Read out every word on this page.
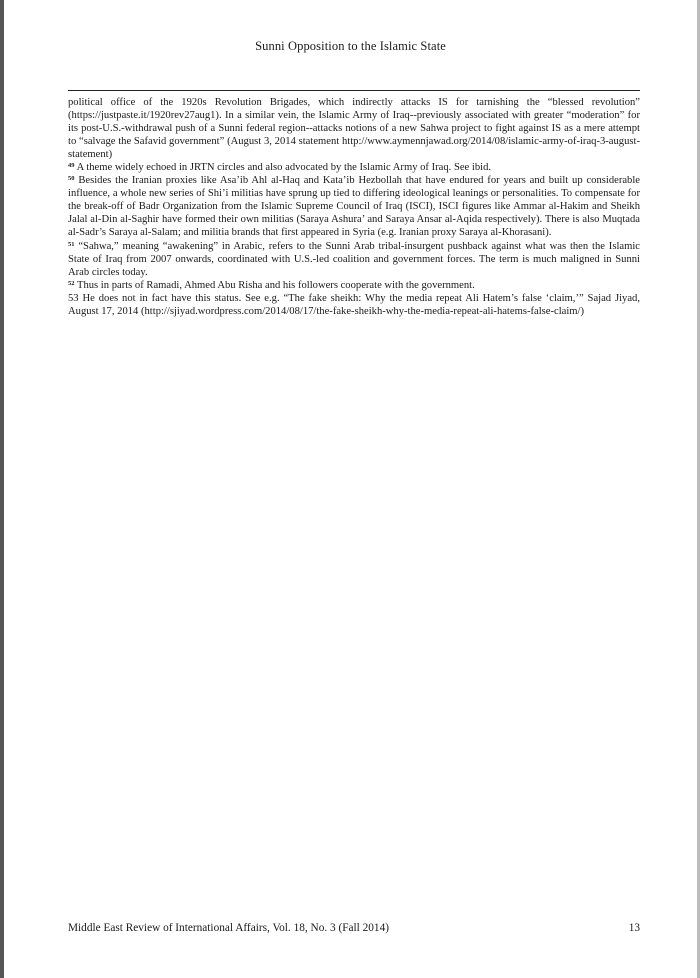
Sunni Opposition to the Islamic State

political office of the 1920s Revolution Brigades, which indirectly attacks IS for tarnishing the “blessed revolution” (https://justpaste.it/1920rev27aug1). In a similar vein, the Islamic Army of Iraq--previously associated with greater “moderation” for its post-U.S.-withdrawal push of a Sunni federal region--attacks notions of a new Sahwa project to fight against IS as a mere attempt to “salvage the Safavid government” (August 3, 2014 statement http://www.aymennjawad.org/2014/08/islamic-army-of-iraq-3-august-statement)

$^{49}$ A theme widely echoed in JRTN circles and also advocated by the Islamic Army of Iraq. See ibid.

$^{50}$ Besides the Iranian proxies like Asa’ib Ahl al-Haq and Kata’ib Hezbollah that have endured for years and built up considerable influence, a whole new series of Shi’i militias have sprung up tied to differing ideological leanings or personalities. To compensate for the break-off of Badr Organization from the Islamic Supreme Council of Iraq (ISCI), ISCI figures like Ammar al-Hakim and Sheikh Jalal al-Din al-Saghir have formed their own militias (Saraya Ashura’ and Saraya Ansar al-Aqida respectively). There is also Muqtada al-Sadr’s Saraya al-Salam; and militia brands that first appeared in Syria (e.g. Iranian proxy Saraya al-Khorasani).

$^{51}$ “Sahwa,” meaning “awakening” in Arabic, refers to the Sunni Arab tribal-insurgent pushback against what was then the Islamic State of Iraq from 2007 onwards, coordinated with U.S.-led coalition and government forces. The term is much maligned in Sunni Arab circles today.

$^{52}$ Thus in parts of Ramadi, Ahmed Abu Risha and his followers cooperate with the government.

53 He does not in fact have this status. See e.g. “The fake sheikh: Why the media repeat Ali Hatem’s false ‘claim,’” Sajad Jiyad, August 17, 2014 (http://sjiyad.wordpress.com/2014/08/17/the-fake-sheikh-why-the-media-repeat-ali-hatems-false-claim/)

Middle East Review of International Affairs, Vol. 18, No. 3 (Fall 2014)	13
